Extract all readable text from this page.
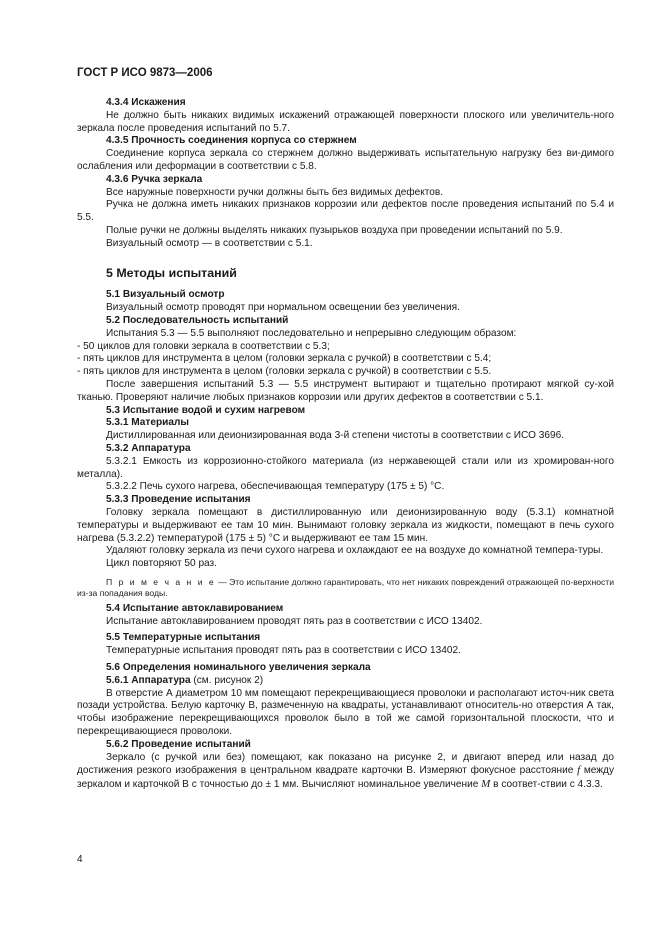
ГОСТ Р ИСО 9873—2006
4.3.4 Искажения
Не должно быть никаких видимых искажений отражающей поверхности плоского или увеличитель-ного зеркала после проведения испытаний по 5.7.
4.3.5 Прочность соединения корпуса со стержнем
Соединение корпуса зеркала со стержнем должно выдерживать испытательную нагрузку без ви-димого ослабления или деформации в соответствии с 5.8.
4.3.6 Ручка зеркала
Все наружные поверхности ручки должны быть без видимых дефектов.
Ручка не должна иметь никаких признаков коррозии или дефектов после проведения испытаний по 5.4 и 5.5.
Полые ручки не должны выделять никаких пузырьков воздуха при проведении испытаний по 5.9.
Визуальный осмотр — в соответствии с 5.1.
5 Методы испытаний
5.1 Визуальный осмотр
Визуальный осмотр проводят при нормальном освещении без увеличения.
5.2 Последовательность испытаний
Испытания 5.3 — 5.5 выполняют последовательно и непрерывно следующим образом:
- 50 циклов для головки зеркала в соответствии с 5.3;
- пять циклов для инструмента в целом (головки зеркала с ручкой) в соответствии с 5.4;
- пять циклов для инструмента в целом (головки зеркала с ручкой) в соответствии с 5.5.
После завершения испытаний 5.3 — 5.5 инструмент вытирают и тщательно протирают мягкой су-хой тканью. Проверяют наличие любых признаков коррозии или других дефектов в соответствии с 5.1.
5.3 Испытание водой и сухим нагревом
5.3.1 Материалы
Дистиллированная или деионизированная вода 3-й степени чистоты в соответствии с ИСО 3696.
5.3.2 Аппаратура
5.3.2.1 Емкость из коррозионно-стойкого материала (из нержавеющей стали или из хромирован-ного металла).
5.3.2.2 Печь сухого нагрева, обеспечивающая температуру (175 ± 5) °С.
5.3.3 Проведение испытания
Головку зеркала помещают в дистиллированную или деионизированную воду (5.3.1) комнатной температуры и выдерживают ее там 10 мин. Вынимают головку зеркала из жидкости, помещают в печь сухого нагрева (5.3.2.2) температурой (175 ± 5) °С и выдерживают ее там 15 мин.
Удаляют головку зеркала из печи сухого нагрева и охлаждают ее на воздухе до комнатной темпера-туры.
Цикл повторяют 50 раз.
П р и м е ч а н и е — Это испытание должно гарантировать, что нет никаких повреждений отражающей по-верхности из-за попадания воды.
5.4 Испытание автоклавированием
Испытание автоклавированием проводят пять раз в соответствии с ИСО 13402.
5.5 Температурные испытания
Температурные испытания проводят пять раз в соответствии с ИСО 13402.
5.6 Определения номинального увеличения зеркала
5.6.1 Аппаратура (см. рисунок 2)
В отверстие А диаметром 10 мм помещают перекрещивающиеся проволоки и располагают источ-ник света позади устройства. Белую карточку В, размеченную на квадраты, устанавливают относитель-но отверстия А так, чтобы изображение перекрещивающихся проволок было в той же самой горизонтальной плоскости, что и перекрещивающиеся проволоки.
5.6.2 Проведение испытаний
Зеркало (с ручкой или без) помещают, как показано на рисунке 2, и двигают вперед или назад до достижения резкого изображения в центральном квадрате карточки В. Измеряют фокусное расстояние f между зеркалом и карточкой В с точностью до ± 1 мм. Вычисляют номинальное увеличение M в соответ-ствии с 4.3.3.
4
